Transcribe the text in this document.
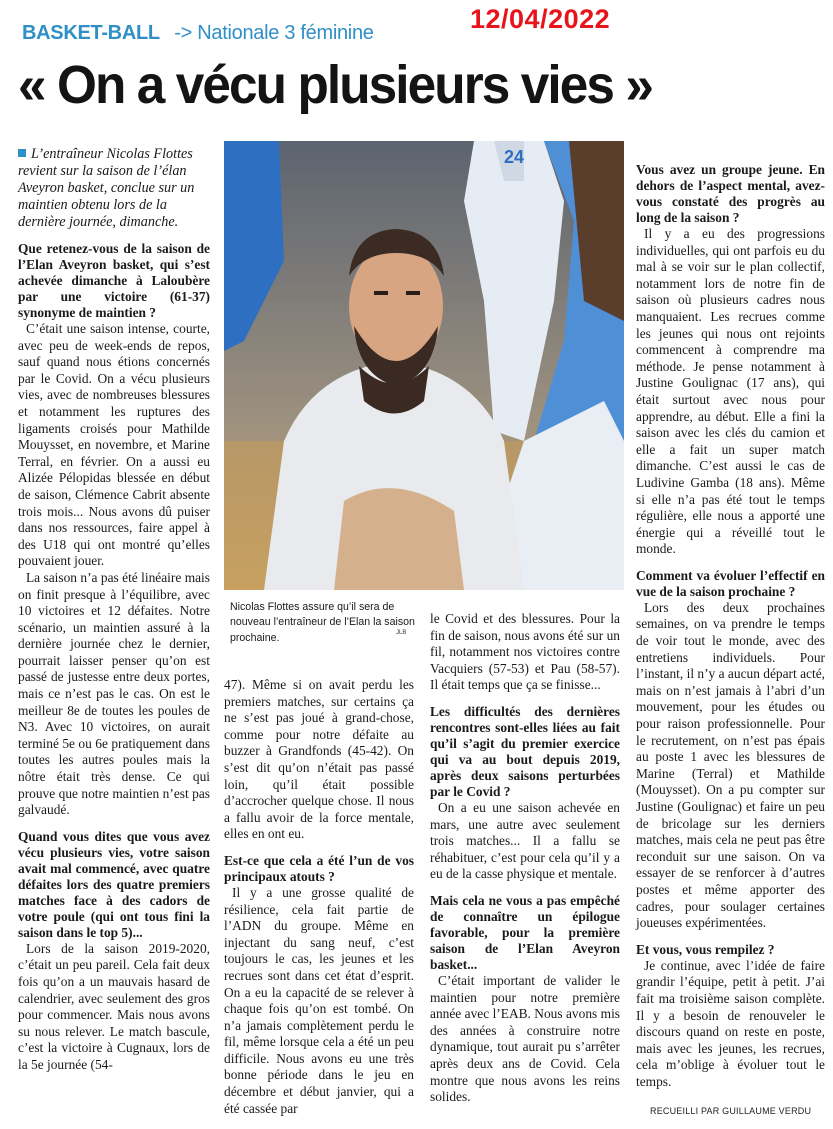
BASKET-BALL -> Nationale 3 féminine	12/04/2022
« On a vécu plusieurs vies »

L’entraîneur Nicolas Flottes revient sur la saison de l’élan Aveyron basket, conclue sur un maintien obtenu lors de la dernière journée, dimanche.

Que retenez-vous de la saison de l’Elan Aveyron basket, qui s’est achevée dimanche à Laloubère par une victoire (61-37) synonyme de maintien ?

C’était une saison intense, courte, avec peu de week-ends de repos, sauf quand nous étions concernés par le Covid. On a vécu plusieurs vies, avec de nombreuses blessures et notamment les ruptures des ligaments croisés pour Mathilde Mouysset, en novembre, et Marine Terral, en février. On a aussi eu Alizée Pélopidas blessée en début de saison, Clémence Cabrit absente trois mois... Nous avons dû puiser dans nos ressources, faire appel à des U18 qui ont montré qu’elles pouvaient jouer.

La saison n’a pas été linéaire mais on finit presque à l’équilibre, avec 10 victoires et 12 défaites. Notre scénario, un maintien assuré à la dernière journée chez le dernier, pourrait laisser penser qu’on est passé de justesse entre deux portes, mais ce n’est pas le cas. On est le meilleur 8e de toutes les poules de N3. Avec 10 victoires, on aurait terminé 5e ou 6e pratiquement dans toutes les autres poules mais la nôtre était très dense. Ce qui prouve que notre maintien n’est pas galvaudé.

Quand vous dites que vous avez vécu plusieurs vies, votre saison avait mal commencé, avec quatre défaites lors des quatre premiers matches face à des cadors de votre poule (qui ont tous fini la saison dans le top 5)...

Lors de la saison 2019-2020, c’était un peu pareil. Cela fait deux fois qu’on a un mauvais hasard de calendrier, avec seulement des gros pour commencer. Mais nous avons su nous relever. Le match bascule, c’est la victoire à Cugnaux, lors de la 5e journée (54-

24
Nicolas Flottes assure qu’il sera de nouveau l’entraîneur de l’Elan la saison prochaine.	JLB

47). Même si on avait perdu les premiers matches, sur certains ça ne s’est pas joué à grand-chose, comme pour notre défaite au buzzer à Grandfonds (45-42). On s’est dit qu’on n’était pas passé loin, qu’il était possible d’accrocher quelque chose. Il nous a fallu avoir de la force mentale, elles en ont eu.

Est-ce que cela a été l’un de vos principaux atouts ?

Il y a une grosse qualité de résilience, cela fait partie de l’ADN du groupe. Même en injectant du sang neuf, c’est toujours le cas, les jeunes et les recrues sont dans cet état d’esprit. On a eu la capacité de se relever à chaque fois qu’on est tombé. On n’a jamais complètement perdu le fil, même lorsque cela a été un peu difficile. Nous avons eu une très bonne période dans le jeu en décembre et début janvier, qui a été cassée par

le Covid et des blessures. Pour la fin de saison, nous avons été sur un fil, notamment nos victoires contre Vacquiers (57-53) et Pau (58-57). Il était temps que ça se finisse...

Les difficultés des dernières rencontres sont-elles liées au fait qu’il s’agit du premier exercice qui va au bout depuis 2019, après deux saisons perturbées par le Covid ?

On a eu une saison achevée en mars, une autre avec seulement trois matches... Il a fallu se réhabituer, c’est pour cela qu’il y a eu de la casse physique et mentale.

Mais cela ne vous a pas empêché de connaître un épilogue favorable, pour la première saison de l’Elan Aveyron basket...

C’était important de valider le maintien pour notre première année avec l’EAB. Nous avons mis des années à construire notre dynamique, tout aurait pu s’arrêter après deux ans de Covid. Cela montre que nous avons les reins solides.

Vous avez un groupe jeune. En dehors de l’aspect mental, avez-vous constaté des progrès au long de la saison ?

Il y a eu des progressions individuelles, qui ont parfois eu du mal à se voir sur le plan collectif, notamment lors de notre fin de saison où plusieurs cadres nous manquaient. Les recrues comme les jeunes qui nous ont rejoints commencent à comprendre ma méthode. Je pense notamment à Justine Goulignac (17 ans), qui était surtout avec nous pour apprendre, au début. Elle a fini la saison avec les clés du camion et elle a fait un super match dimanche. C’est aussi le cas de Ludivine Gamba (18 ans). Même si elle n’a pas été tout le temps régulière, elle nous a apporté une énergie qui a réveillé tout le monde.

Comment va évoluer l’effectif en vue de la saison prochaine ?

Lors des deux prochaines semaines, on va prendre le temps de voir tout le monde, avec des entretiens individuels. Pour l’instant, il n’y a aucun départ acté, mais on n’est jamais à l’abri d’un mouvement, pour les études ou pour raison professionnelle. Pour le recrutement, on n’est pas épais au poste 1 avec les blessures de Marine (Terral) et Mathilde (Mouysset). On a pu compter sur Justine (Goulignac) et faire un peu de bricolage sur les derniers matches, mais cela ne peut pas être reconduit sur une saison. On va essayer de se renforcer à d’autres postes et même apporter des cadres, pour soulager certaines joueuses expérimentées.

Et vous, vous rempilez ?

Je continue, avec l’idée de faire grandir l’équipe, petit à petit. J’ai fait ma troisième saison complète. Il y a besoin de renouveler le discours quand on reste en poste, mais avec les jeunes, les recrues, cela m’oblige à évoluer tout le temps.

RECUEILLI PAR GUILLAUME VERDU
